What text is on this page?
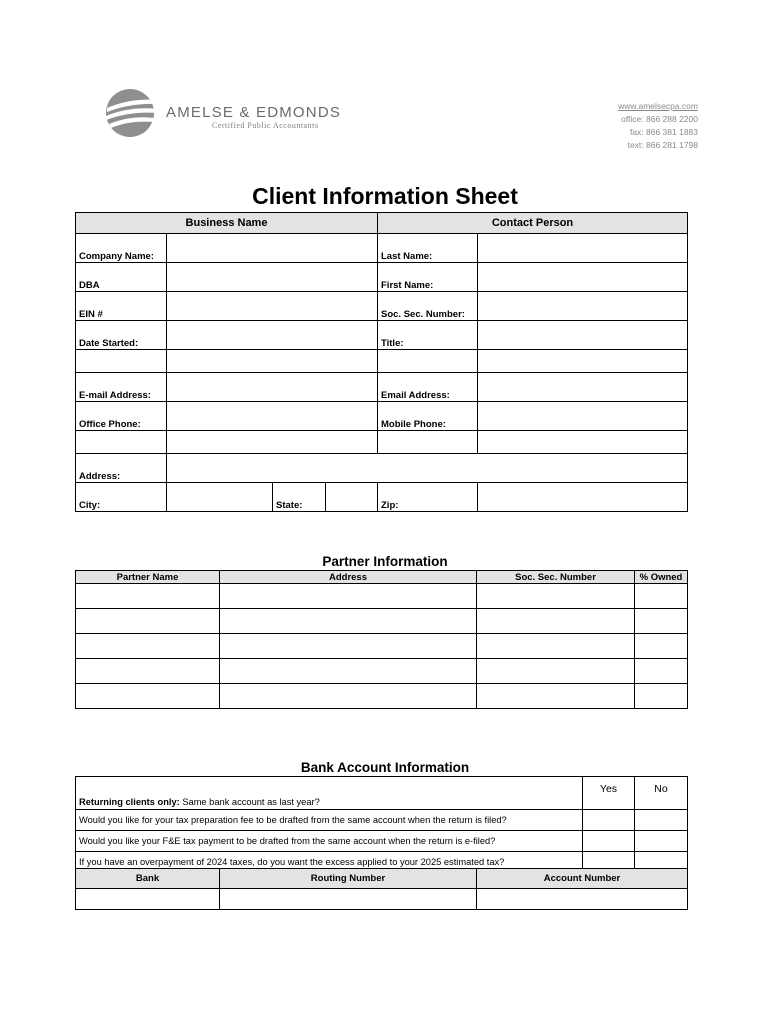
AMELSE & EDMONDS
Certified Public Accountants
www.amelsecpa.com
office: 866 288 2200
fax: 866 381 1883
text: 866 281 1798
Client Information Sheet
Business Name				Contact Person	
Company Name:				Last Name:	
DBA				First Name:	
EIN #				Soc. Sec. Number:	
Date Started:				Title:	

E-mail Address:				Email Address:	
Office Phone:				Mobile Phone:	

Address:					
City:		State:		Zip:	
Partner Information
Partner Name	Address	Soc. Sec. Number	% Owned

Bank Account Information
Returning clients only: Same bank account as last year?	Yes	No
Would you like for your tax preparation fee to be drafted from the same account when the return is filed?		
Would you like your F&E tax payment to be drafted from the same account when the return is e-filed?		
If you have an overpayment of 2024 taxes, do you want the excess applied to your 2025 estimated tax?		
Bank	Routing Number	Account Number
